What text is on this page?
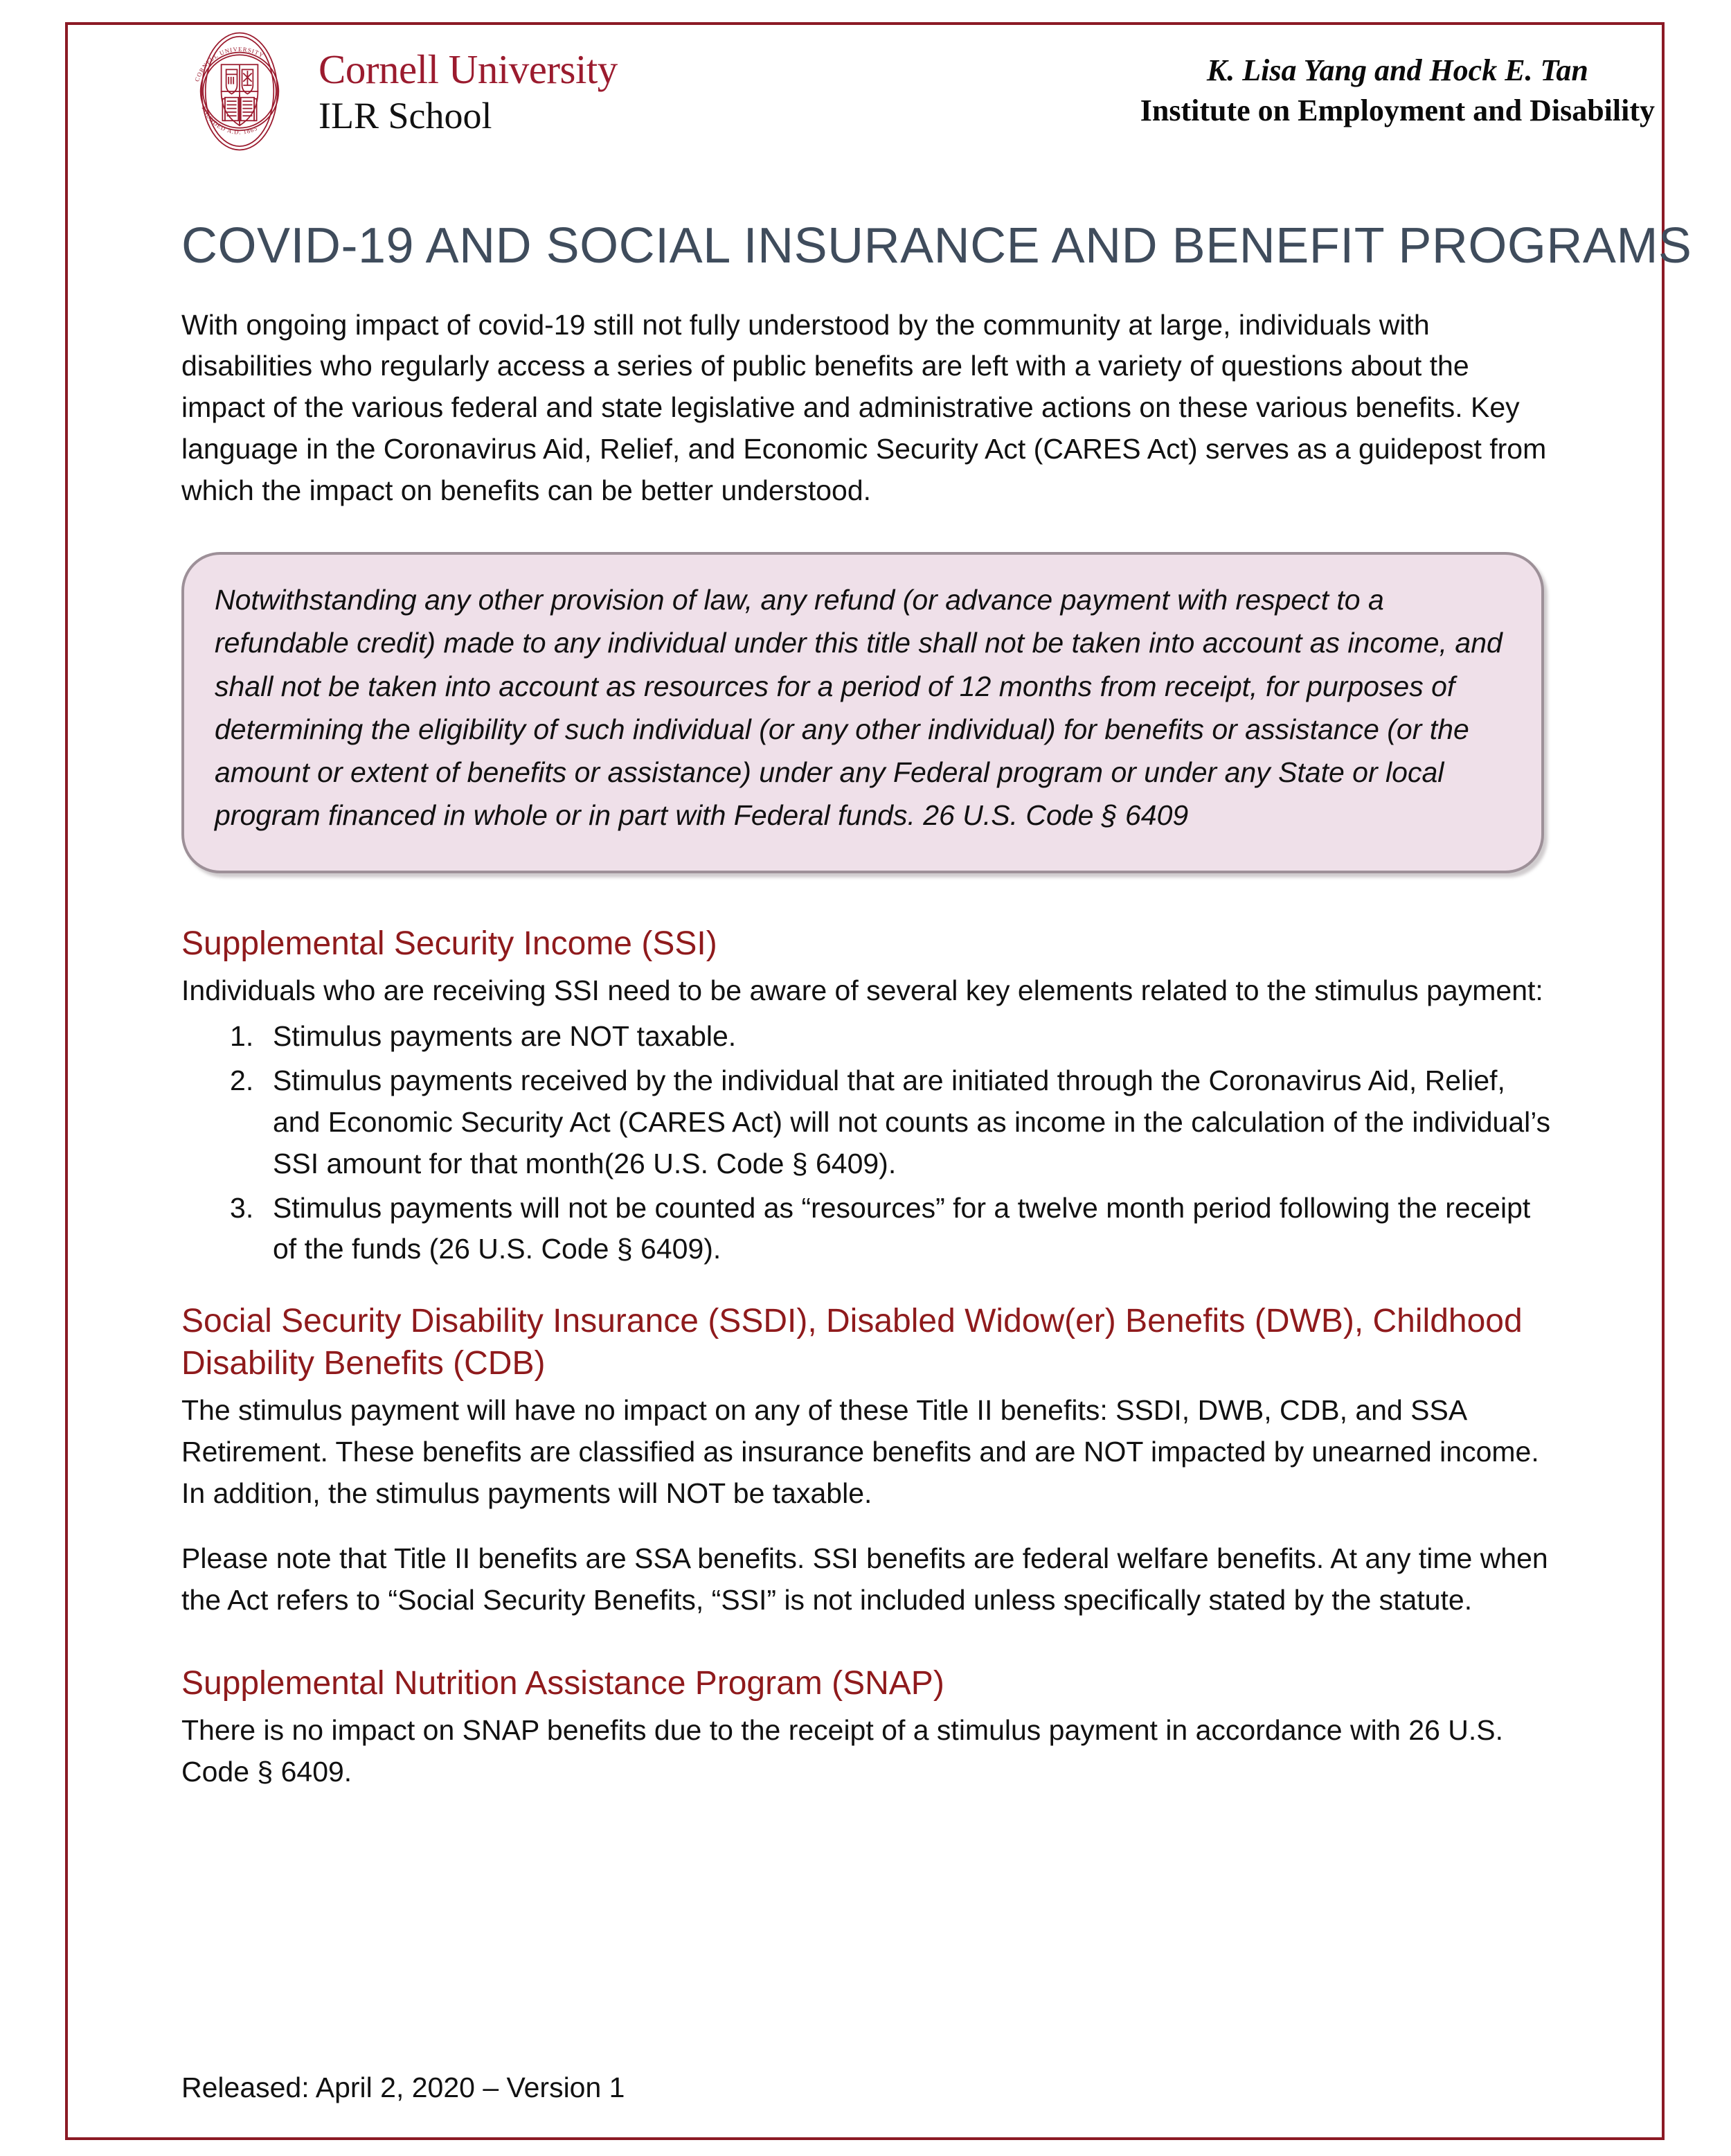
CORNELL UNIVERSITY
FOUNDED A.D. 1865
Cornell University
ILR School
K. Lisa Yang and Hock E. Tan
Institute on Employment and Disability
COVID-19 AND SOCIAL INSURANCE AND BENEFIT PROGRAMS

With ongoing impact of covid-19 still not fully understood by the community at large, individuals with disabilities who regularly access a series of public benefits are left with a variety of questions about the impact of the various federal and state legislative and administrative actions on these various benefits. Key language in the Coronavirus Aid, Relief, and Economic Security Act (CARES Act) serves as a guidepost from which the impact on benefits can be better understood.

Notwithstanding any other provision of law, any refund (or advance payment with respect to a refundable credit) made to any individual under this title shall not be taken into account as income, and shall not be taken into account as resources for a period of 12 months from receipt, for purposes of determining the eligibility of such individual (or any other individual) for benefits or assistance (or the amount or extent of benefits or assistance) under any Federal program or under any State or local program financed in whole or in part with Federal funds. 26 U.S. Code § 6409

Supplemental Security Income (SSI)

Individuals who are receiving SSI need to be aware of several key elements related to the stimulus payment:

Stimulus payments are NOT taxable.
Stimulus payments received by the individual that are initiated through the Coronavirus Aid, Relief, and Economic Security Act (CARES Act) will not counts as income in the calculation of the individual’s SSI amount for that month(26 U.S. Code § 6409).
Stimulus payments will not be counted as “resources” for a twelve month period following the receipt of the funds (26 U.S. Code § 6409).
Social Security Disability Insurance (SSDI), Disabled Widow(er) Benefits (DWB), Childhood Disability Benefits (CDB)

The stimulus payment will have no impact on any of these Title II benefits: SSDI, DWB, CDB, and SSA Retirement. These benefits are classified as insurance benefits and are NOT impacted by unearned income. In addition, the stimulus payments will NOT be taxable.

Please note that Title II benefits are SSA benefits. SSI benefits are federal welfare benefits. At any time when the Act refers to “Social Security Benefits, “SSI” is not included unless specifically stated by the statute.

Supplemental Nutrition Assistance Program (SNAP)

There is no impact on SNAP benefits due to the receipt of a stimulus payment in accordance with 26 U.S. Code § 6409.

Released: April 2, 2020 – Version 1
